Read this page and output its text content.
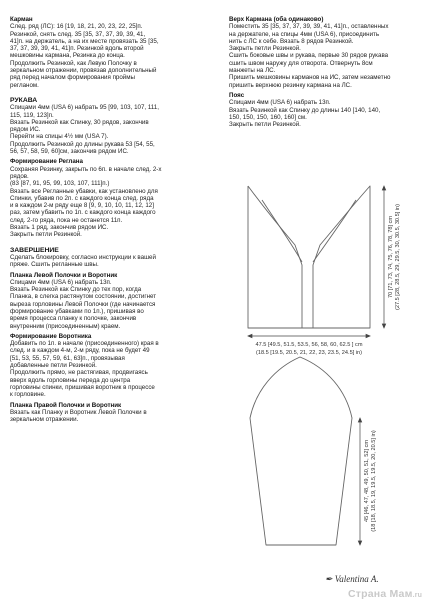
Карман

След. ряд (ЛС): 16 [19, 18, 21, 20, 23, 22, 25]п.

Резинкой, снять след. 35 [35, 37, 37, 39, 39, 41,

41]п. на держатель, а на их месте провязать 35 [35,

37, 37, 39, 39, 41, 41]п. Резинкой вдоль второй

мешковины кармана, Резинка до конца.

Продолжить Резинкой, как Левую Полочку в

зеркальном отражении, провязав дополнительный

ряд перед началом формирования проймы

регланом.

РУКАВА

Спицами 4мм (USA 6) набрать 95 [99, 103, 107, 111,

115, 119, 123]п.

Вязать Резинкой как Спинку, 30 рядов, закончив

рядом ИС.

Перейти на спицы 4½ мм (USA 7).

Продолжить Резинкой до длины рукава 53 [54, 55,

56, 57, 58, 59, 60]см, закончив рядом ИС.

Формирование Реглана

Сохраняя Резинку, закрыть по 6п. в начале след. 2-х

рядов.

(83 [87, 91, 95, 99, 103, 107, 111]п.)

Вязать все Регланные убавки, как установлено для

Спинки, убавив по 2п. с каждого конца след. ряда

и в каждом 2-м ряду еще 8 [9, 9, 10, 10, 11, 12, 12]

раз, затем убавить по 1п. с каждого конца каждого

след. 2-го ряда, пока не останется 11п.

Вязать 1 ряд, закончив рядом ИС.

Закрыть петли Резинкой.

ЗАВЕРШЕНИЕ

Сделать блокировку, согласно инструкции к вашей

пряже. Сшить регланные швы.

Планка Левой Полочки и Воротник

Спицами 4мм (USA 6) набрать 13п.

Вязать Резинкой как Спинку до тех пор, когда

Планка, в слегка растянутом состоянии, достигнет

выреза горловины Левой Полочки (где начинается

формирование убавками по 1п.), пришивая во

время процесса планку к полочке, закончив

внутренним (присоединенным) краем.

Формирование Воротника

Добавить по 1п. в начале (присоединенного) края в

след. и в каждом 4-м, 2-м ряду, пока не будет 49

[51, 53, 55, 57, 59, 61, 63]п., провязывая

добавленные петли Резинкой.

Продолжить прямо, не растягивая, продвигаясь

вверх вдоль горловины переда до центра

горловины спинки, пришивая воротник в процессе

к горловине.

Планка Правой Полочки и Воротник

Вязать как Планку и Воротник Левой Полочки в

зеркальном отражении.

Верх Кармана (оба одинаково)

Поместить 35 [35, 37, 37, 39, 39, 41, 41]п., оставленных

на держателе, на спицы 4мм (USA 6), присоединить

нить с ЛС к себе. Вязать 8 рядов Резинкой.

Закрыть петли Резинкой.

Сшить боковые швы и рукава, первые 30 рядов рукава

сшить швом наружу для отворота. Отвернуть 8см

манжеты на ЛС.

Пришить мешковины карманов на ИС, затем незаметно

пришить верхнюю резинку кармана на ЛС.

Пояс

Спицами 4мм (USA 6) набрать 13п.

Вязать Резинкой как Спинку до длины 140 [140, 140,

150, 150, 150, 160, 160] см.

Закрыть петли Резинкой.

70 [71, 73, 74, 75, 76, 78, 78] cm (27.5 [28, 28.5, 29, 29.5, 30, 30.5, 30.5] in)
47.5 [49.5, 51.5, 53.5, 56, 58, 60, 62.5 ] cm
(18.5 [19.5, 20.5, 21, 22, 23, 23.5, 24.5] in)
45 [46, 47, 48, 49, 50, 51, 52] cm (18 [18, 18.5, 19, 19.5, 19.5, 20, 20.5] in)
✒ Valentina A.
Страна Мам.ru
